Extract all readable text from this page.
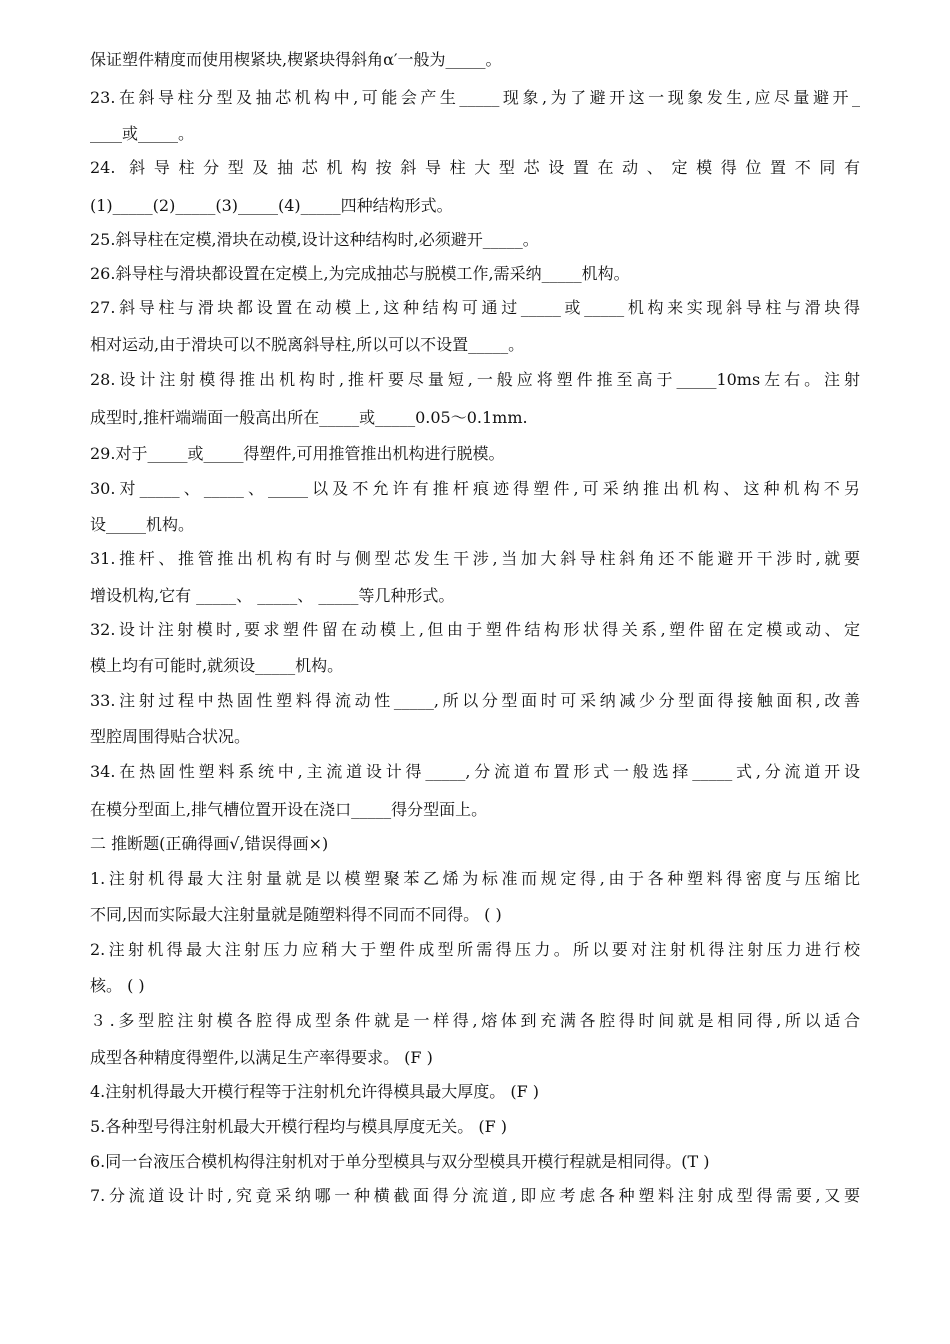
保证塑件精度而使用楔紧块,楔紧块得斜角α′一般为_____。
23.在斜导柱分型及抽芯机构中,可能会产生_____现象,为了避开这一现象发生,应尽量避开_
____或_____。
24. 斜导柱分型及抽芯机构按斜导柱大型芯设置在动、定模得位置不同有
(1)_____(2)_____(3)_____(4)_____四种结构形式。
25.斜导柱在定模,滑块在动模,设计这种结构时,必须避开_____。
26.斜导柱与滑块都设置在定模上,为完成抽芯与脱模工作,需采纳_____机构。
27.斜导柱与滑块都设置在动模上,这种结构可通过_____或_____机构来实现斜导柱与滑块得
相对运动,由于滑块可以不脱离斜导柱,所以可以不设置_____。
28.设计注射模得推出机构时,推杆要尽量短,一般应将塑件推至高于_____10ms左右。注射
成型时,推杆端端面一般高出所在_____或_____0.05～0.1mm.
29.对于_____或_____得塑件,可用推管推出机构进行脱模。
30.对_____、_____、_____以及不允许有推杆痕迹得塑件,可采纳推出机构、这种机构不另
设_____机构。
31.推杆、推管推出机构有时与侧型芯发生干涉,当加大斜导柱斜角还不能避开干涉时,就要
增设机构,它有 _____、 _____、 _____等几种形式。
32.设计注射模时,要求塑件留在动模上,但由于塑件结构形状得关系,塑件留在定模或动、定
模上均有可能时,就须设_____机构。
33.注射过程中热固性塑料得流动性_____,所以分型面时可采纳减少分型面得接触面积,改善
型腔周围得贴合状况。
34.在热固性塑料系统中,主流道设计得_____,分流道布置形式一般选择_____式,分流道开设
在模分型面上,排气槽位置开设在浇口_____得分型面上。
二 推断题(正确得画√,错误得画×)
1.注射机得最大注射量就是以模塑聚苯乙烯为标准而规定得,由于各种塑料得密度与压缩比
不同,因而实际最大注射量就是随塑料得不同而不同得。 ( )
2.注射机得最大注射压力应稍大于塑件成型所需得压力。所以要对注射机得注射压力进行校
核。 ( )
３.多型腔注射模各腔得成型条件就是一样得,熔体到充满各腔得时间就是相同得,所以适合
成型各种精度得塑件,以满足生产率得要求。 (F )
4.注射机得最大开模行程等于注射机允许得模具最大厚度。 (F )
5.各种型号得注射机最大开模行程均与模具厚度无关。 (F )
6.同一台液压合模机构得注射机对于单分型模具与双分型模具开模行程就是相同得。(T )
7.分流道设计时,究竟采纳哪一种横截面得分流道,即应考虑各种塑料注射成型得需要,又要
